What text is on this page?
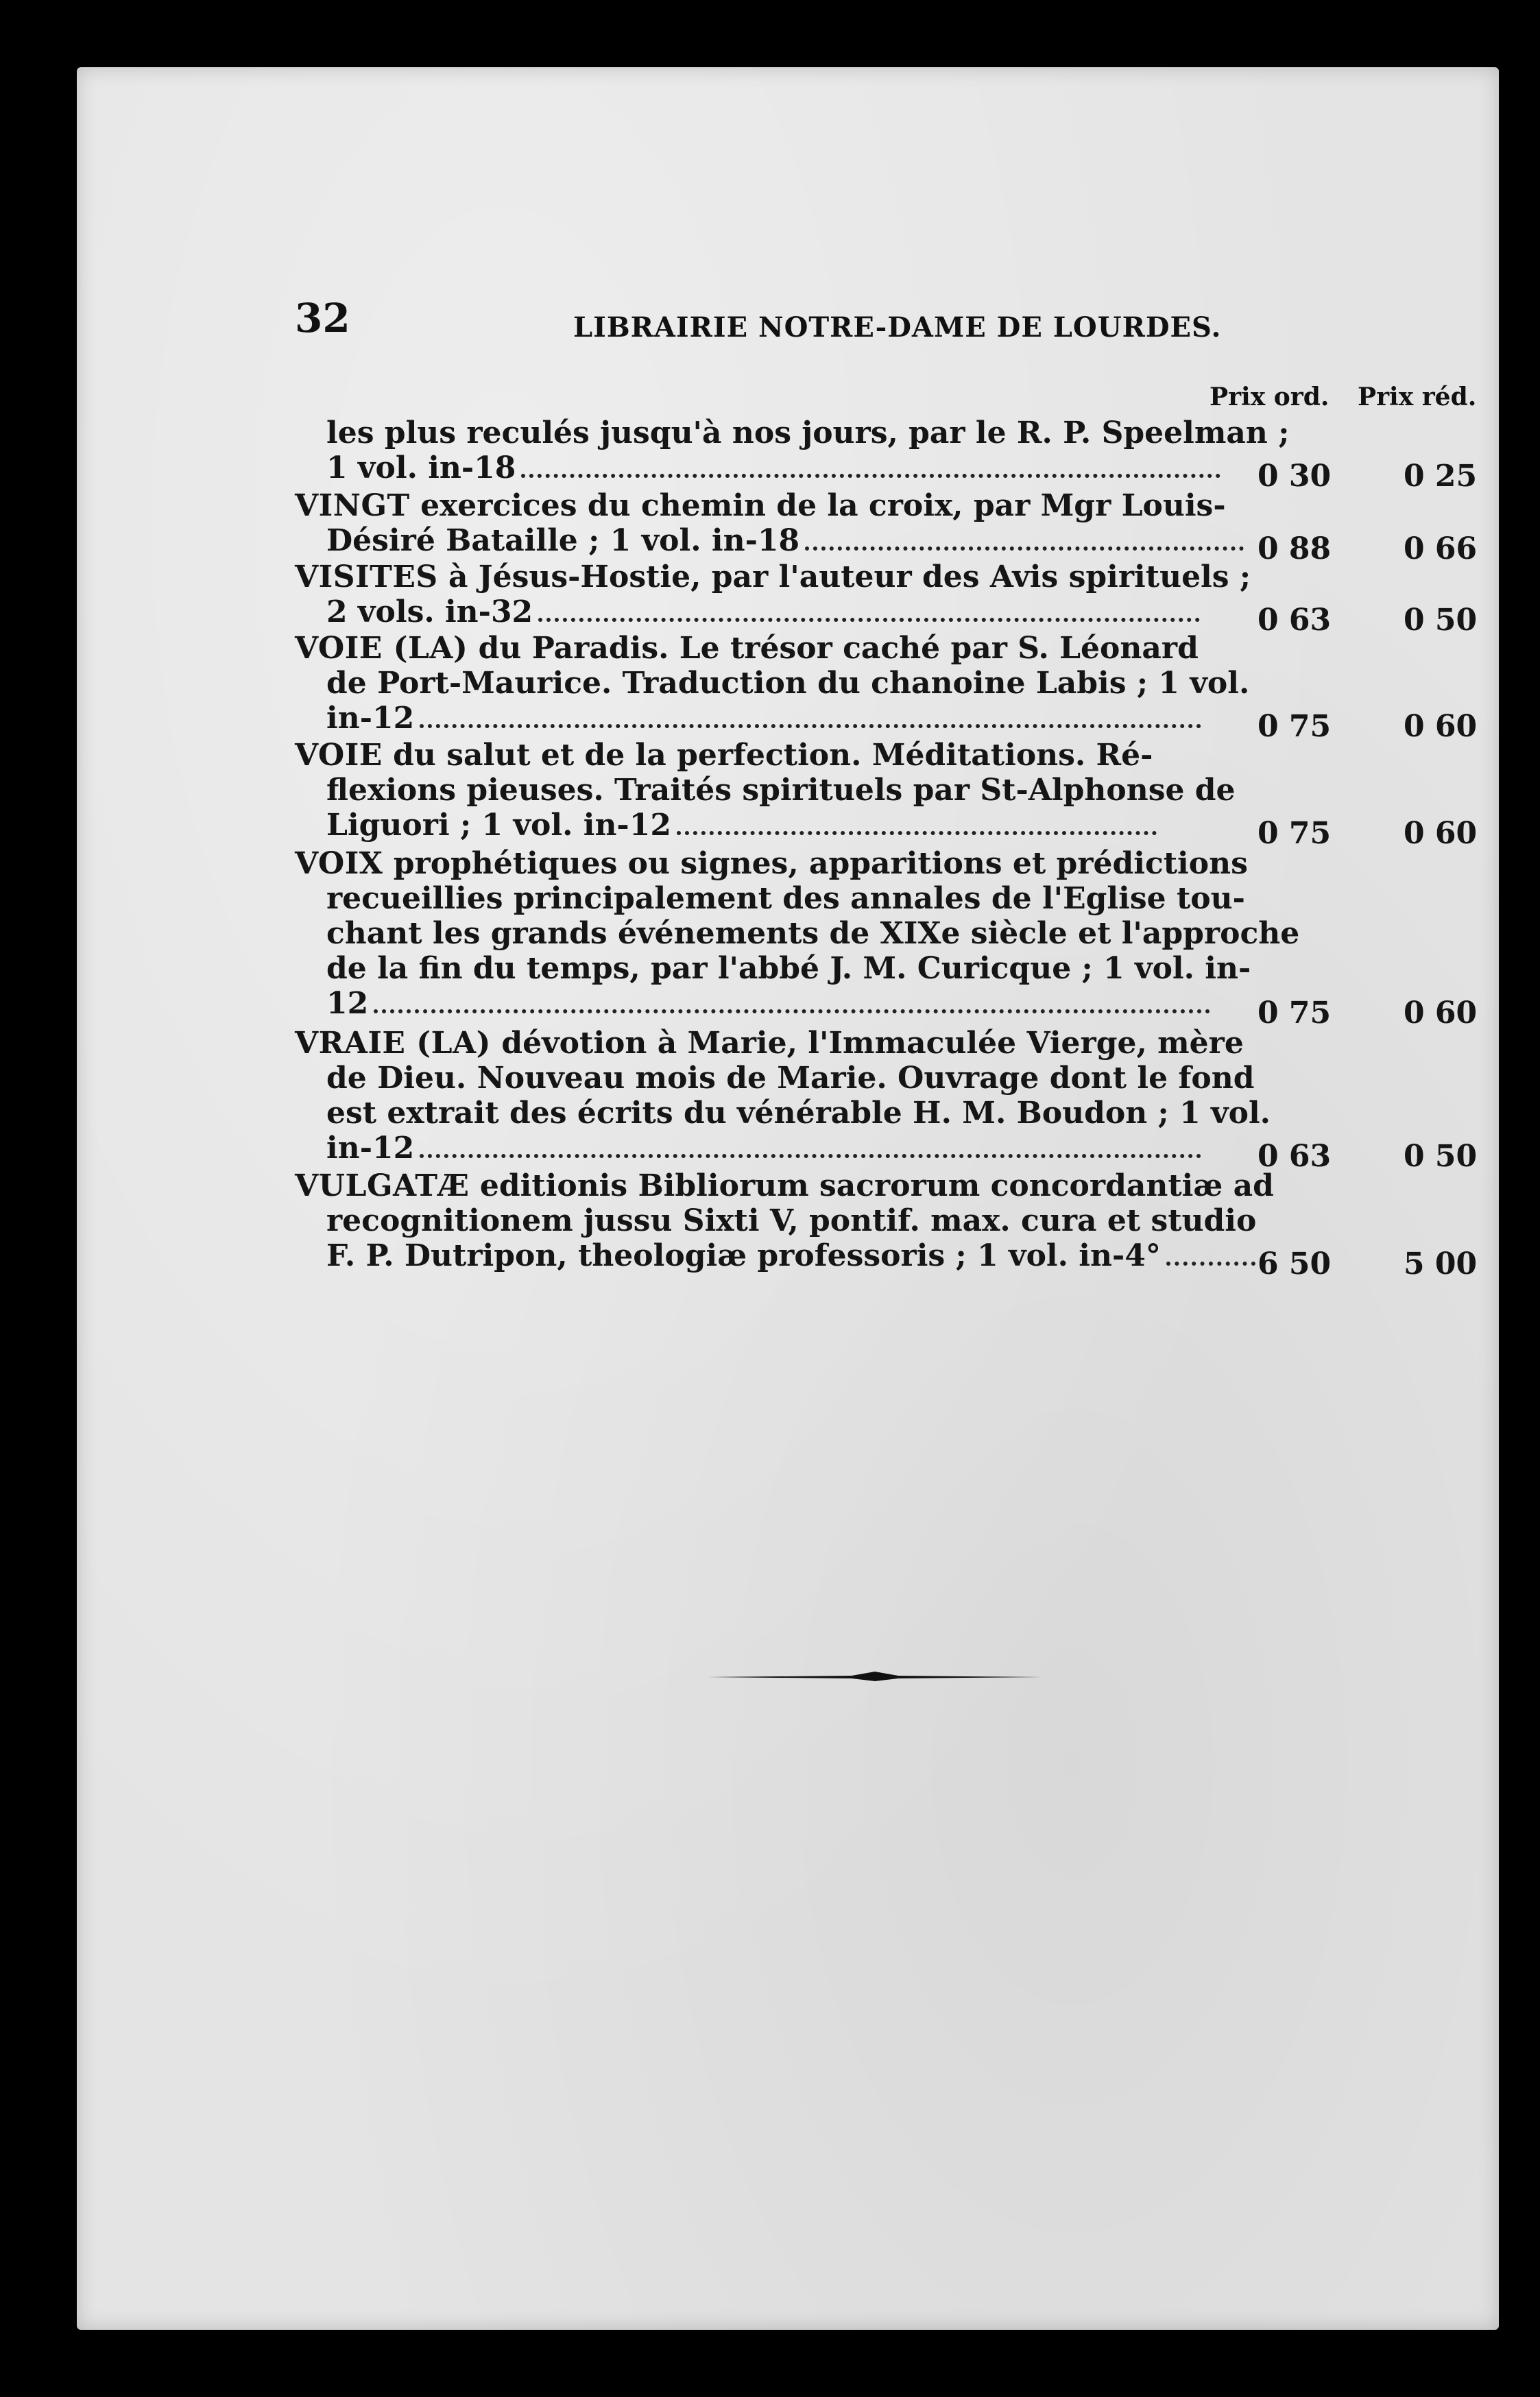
32	LIBRAIRIE NOTRE-DAME DE LOURDES.
Prix ord. Prix réd.
les plus reculés jusqu'à nos jours, par le R. P. Speelman ;
1 vol. in-18	0 30 0 25
VINGT exercices du chemin de la croix, par Mgr Louis-
Désiré Bataille ; 1 vol. in-18	0 88 0 66
VISITES à Jésus-Hostie, par l'auteur des Avis spirituels ;
2 vols. in-32	0 63 0 50
VOIE (LA) du Paradis. Le trésor caché par S. Léonard
de Port-Maurice. Traduction du chanoine Labis ; 1 vol.
in-12	0 75 0 60
VOIE du salut et de la perfection. Méditations. Ré-
flexions pieuses. Traités spirituels par St-Alphonse de
Liguori ; 1 vol. in-12	0 75 0 60
VOIX prophétiques ou signes, apparitions et prédictions
recueillies principalement des annales de l'Eglise tou-
chant les grands événements de XIXe siècle et l'approche
de la fin du temps, par l'abbé J. M. Curicque ; 1 vol. in-
12	0 75 0 60
VRAIE (LA) dévotion à Marie, l'Immaculée Vierge, mère
de Dieu. Nouveau mois de Marie. Ouvrage dont le fond
est extrait des écrits du vénérable H. M. Boudon ; 1 vol.
in-12	0 63 0 50
VULGATÆ editionis Bibliorum sacrorum concordantiæ ad
recognitionem jussu Sixti V, pontif. max. cura et studio
F. P. Dutripon, theologiæ professoris ; 1 vol. in-4°	6 50 5 00
